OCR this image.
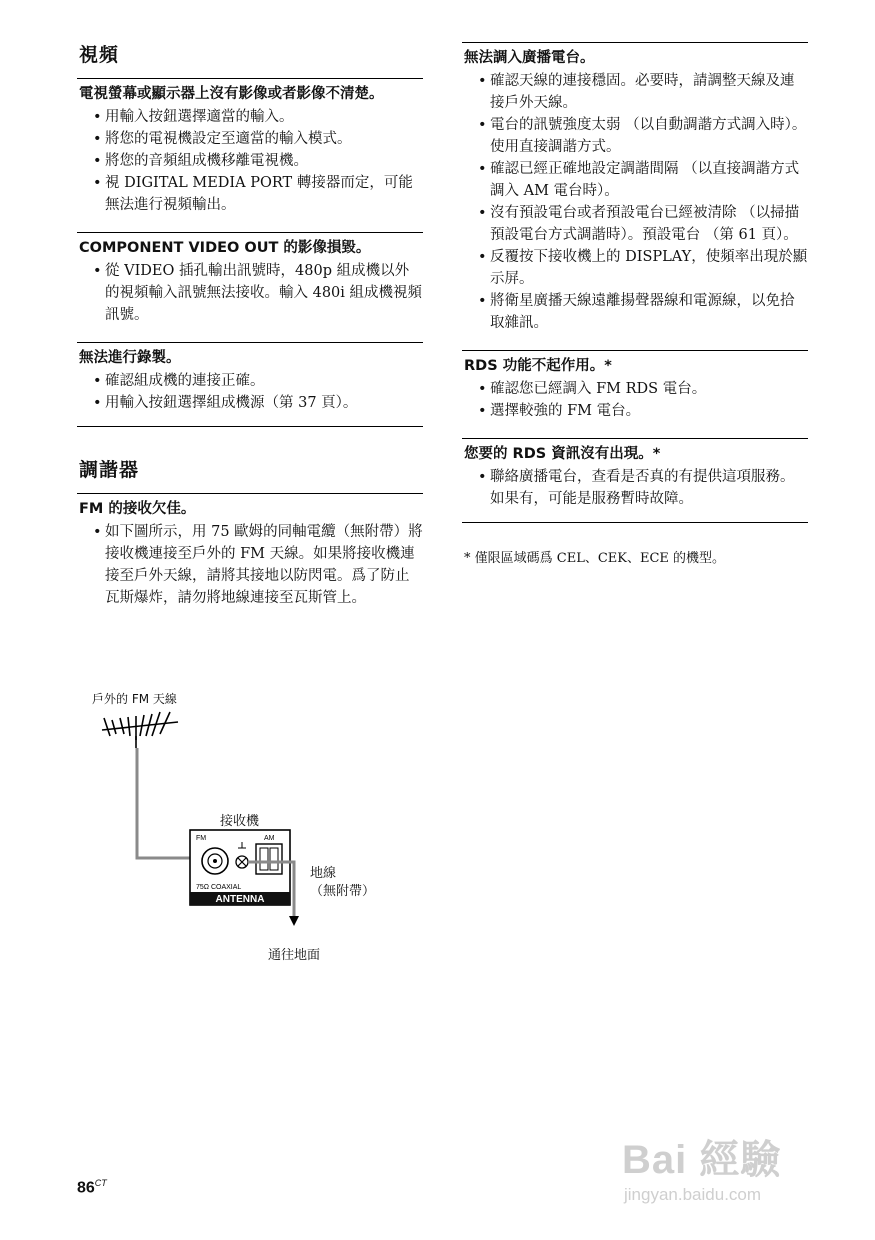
視頻

電視螢幕或顯示器上沒有影像或者影像不清楚。

• 用輸入按鈕選擇適當的輸入。
• 將您的電視機設定至適當的輸入模式。
• 將您的音頻組成機移離電視機。
• 視 DIGITAL MEDIA PORT 轉接器而定，可能無法進行視頻輸出。

COMPONENT VIDEO OUT 的影像損毀。

• 從 VIDEO 插孔輸出訊號時，480p 組成機以外的視頻輸入訊號無法接收。輸入 480i 組成機視頻訊號。

無法進行錄製。

• 確認組成機的連接正確。
• 用輸入按鈕選擇組成機源（第 37 頁）。
調諧器

FM 的接收欠佳。

• 如下圖所示，用 75 歐姆的同軸電纜（無附帶）將接收機連接至戶外的 FM 天線。如果將接收機連接至戶外天線，請將其接地以防閃電。爲了防止瓦斯爆炸，請勿將地線連接至瓦斯管上。

戶外的 FM 天線
接收機
地線
（無附帶）
通往地面
ANTENNA
FM
75Ω COAXIAL
AM

無法調入廣播電台。

• 確認天線的連接穩固。必要時，請調整天線及連接戶外天線。
• 電台的訊號強度太弱 （以自動調諧方式調入時）。使用直接調諧方式。
• 確認已經正確地設定調諧間隔 （以直接調諧方式調入 AM 電台時）。
• 沒有預設電台或者預設電台已經被清除 （以掃描預設電台方式調諧時）。預設電台 （第 61 頁）。
• 反覆按下接收機上的 DISPLAY，使頻率出現於顯示屏。
• 將衛星廣播天線遠離揚聲器線和電源線，以免拾取雜訊。

RDS 功能不起作用。*

• 確認您已經調入 FM RDS 電台。
• 選擇較強的 FM 電台。

您要的 RDS 資訊沒有出現。*

• 聯絡廣播電台，查看是否真的有提供這項服務。如果有，可能是服務暫時故障。
* 僅限區域碼爲 CEL、CEK、ECE 的機型。
$86^{CT}$
Bai 經驗
jingyan.baidu.com
